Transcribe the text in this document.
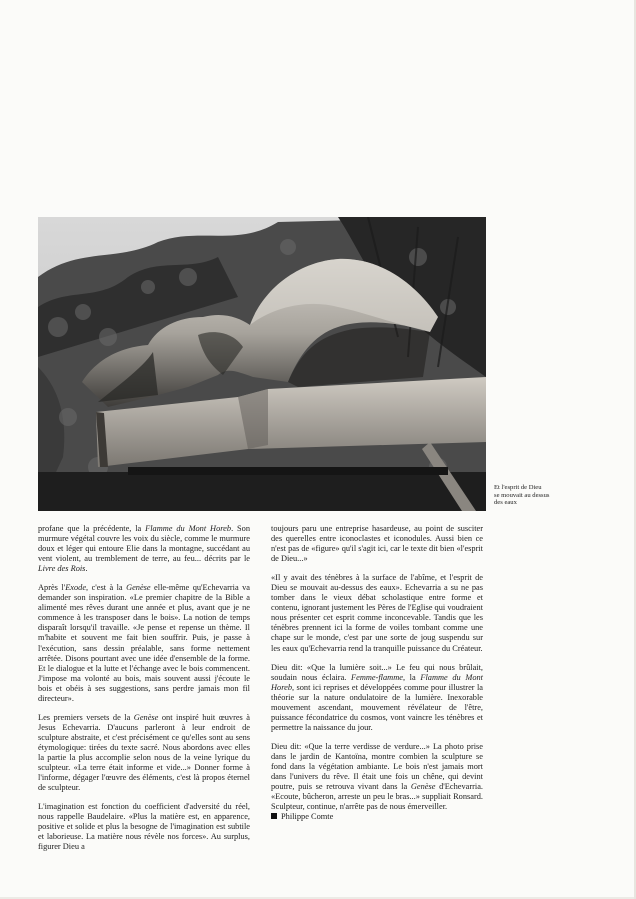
Et l'esprit de Dieu
se mouvait au dessus
des eaux

profane que la précédente, la Flamme du Mont Horeb. Son murmure végétal couvre les voix du siècle, comme le murmure doux et léger qui entoure Elie dans la montagne, succédant au vent violent, au tremblement de terre, au feu... décrits par le Livre des Rois.

Après l'Exode, c'est à la Genèse elle-même qu'Echevarria va demander son inspiration. «Le premier chapitre de la Bible a alimenté mes rêves durant une année et plus, avant que je ne commence à les transposer dans le bois». La notion de temps disparaît lorsqu'il travaille. «Je pense et repense un thème. Il m'habite et souvent me fait bien souffrir. Puis, je passe à l'exécution, sans dessin préalable, sans forme nettement arrêtée. Disons pourtant avec une idée d'ensemble de la forme. Et le dialogue et la lutte et l'échange avec le bois commencent. J'impose ma volonté au bois, mais souvent aussi j'écoute le bois et obéis à ses suggestions, sans perdre jamais mon fil directeur».

Les premiers versets de la Genèse ont inspiré huit œuvres à Jesus Echevarria. D'aucuns parleront à leur endroit de sculpture abstraite, et c'est précisément ce qu'elles sont au sens étymologique: tirées du texte sacré. Nous abordons avec elles la partie la plus accomplie selon nous de la veine lyrique du sculpteur. «La terre était informe et vide...» Donner forme à l'informe, dégager l'œuvre des éléments, c'est là propos éternel de sculpteur.

L'imagination est fonction du coefficient d'adversité du réel, nous rappelle Baudelaire. «Plus la matière est, en apparence, positive et solide et plus la besogne de l'imagination est subtile et laborieuse. La matière nous révèle nos forces». Au surplus, figurer Dieu a

toujours paru une entreprise hasardeuse, au point de susciter des querelles entre iconoclastes et iconodules. Aussi bien ce n'est pas de «figure» qu'il s'agit ici, car le texte dit bien «l'esprit de Dieu...»

«Il y avait des ténèbres à la surface de l'abîme, et l'esprit de Dieu se mouvait au-dessus des eaux». Echevarria a su ne pas tomber dans le vieux débat scholastique entre forme et contenu, ignorant justement les Pères de l'Eglise qui voudraient nous présenter cet esprit comme inconcevable. Tandis que les ténèbres prennent ici la forme de voiles tombant comme une chape sur le monde, c'est par une sorte de joug suspendu sur les eaux qu'Echevarria rend la tranquille puissance du Créateur.

Dieu dit: «Que la lumière soit...» Le feu qui nous brûlait, soudain nous éclaira. Femme-flamme, la Flamme du Mont Horeb, sont ici reprises et développées comme pour illustrer la théorie sur la nature ondulatoire de la lumière. Inexorable mouvement ascendant, mouvement révélateur de l'être, puissance fécondatrice du cosmos, vont vaincre les ténèbres et permettre la naissance du jour.

Dieu dit: «Que la terre verdisse de verdure...» La photo prise dans le jardin de Kantoïna, montre combien la sculpture se fond dans la végétation ambiante. Le bois n'est jamais mort dans l'univers du rêve. Il était une fois un chêne, qui devint poutre, puis se retrouva vivant dans la Genèse d'Echevarria. «Ecoute, bûcheron, arreste un peu le bras...» suppliait Ronsard. Sculpteur, continue, n'arrête pas de nous émerveiller.

Philippe Comte
